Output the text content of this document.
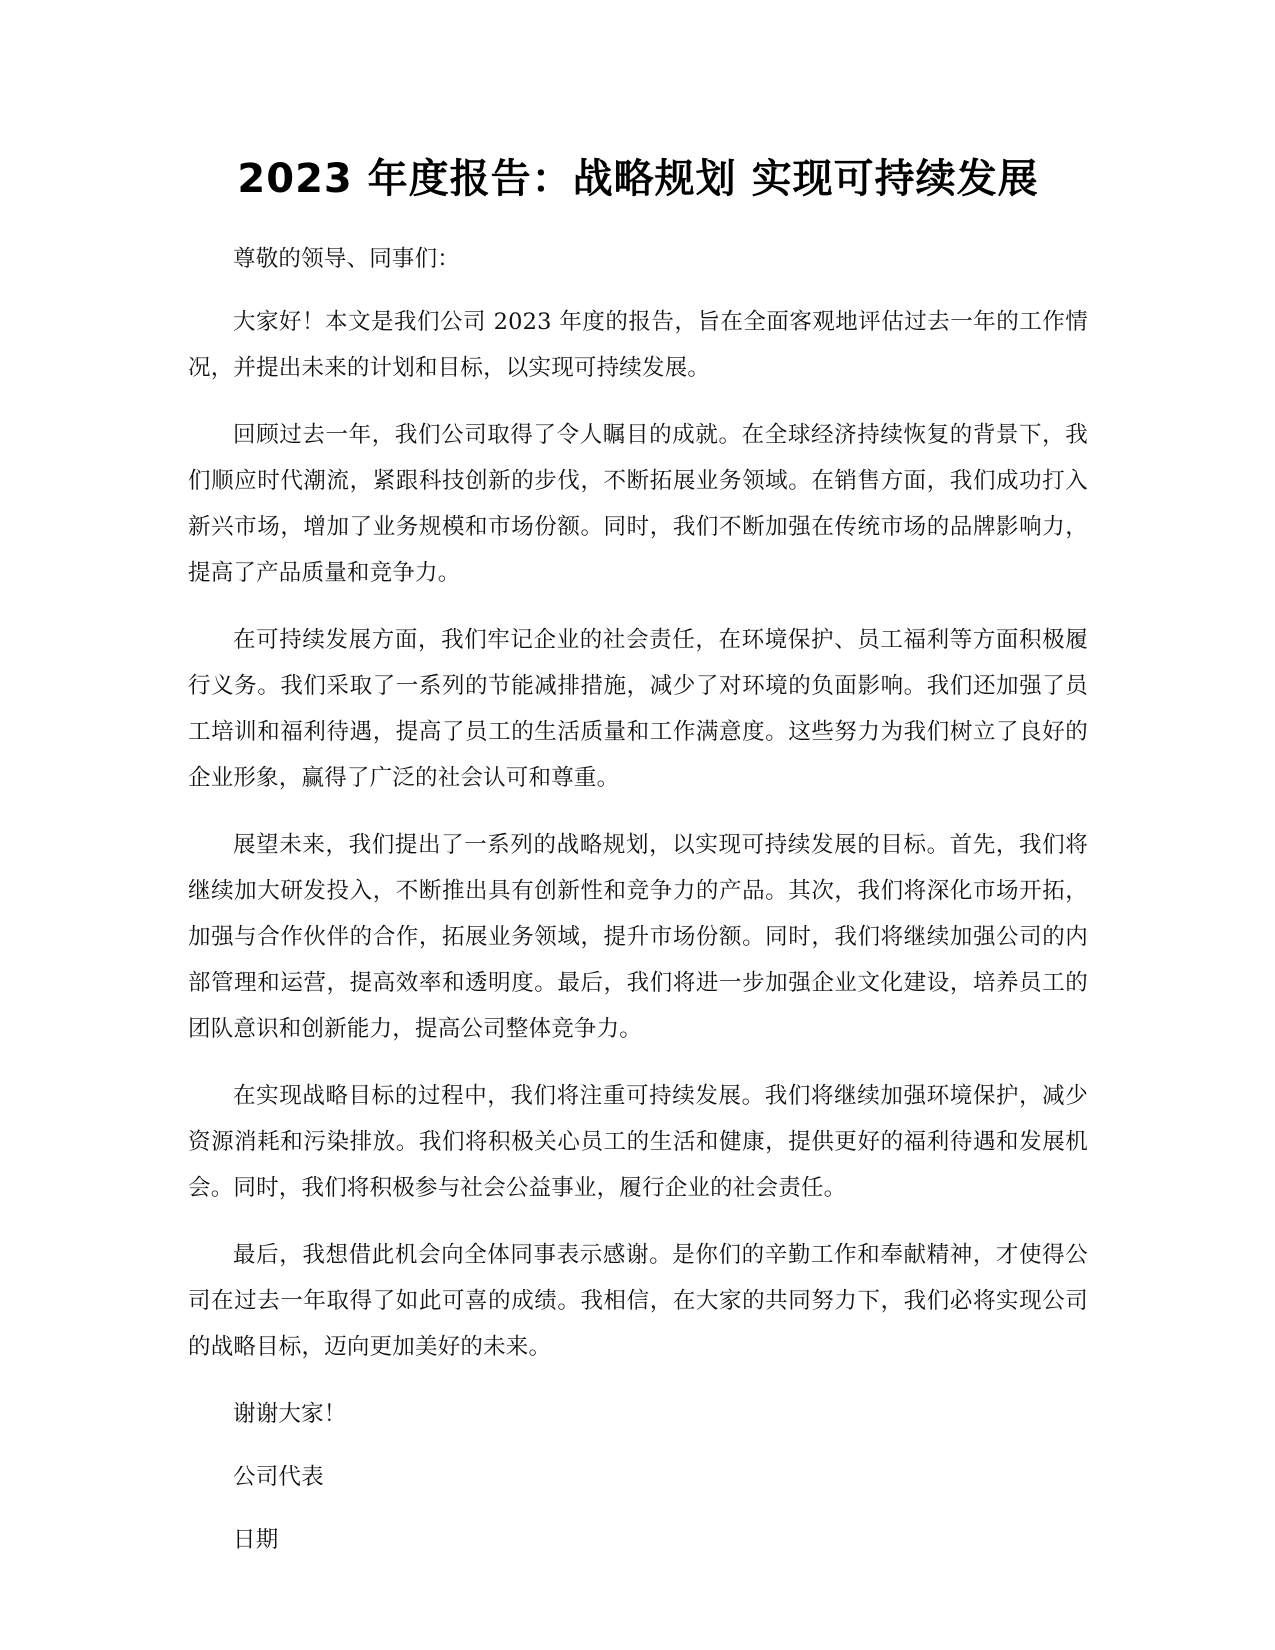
2023 年度报告：战略规划 实现可持续发展

尊敬的领导、同事们：

大家好！本文是我们公司 2023 年度的报告，旨在全面客观地评估过去一年的工作情况，并提出未来的计划和目标，以实现可持续发展。

回顾过去一年，我们公司取得了令人瞩目的成就。在全球经济持续恢复的背景下，我们顺应时代潮流，紧跟科技创新的步伐，不断拓展业务领域。在销售方面，我们成功打入新兴市场，增加了业务规模和市场份额。同时，我们不断加强在传统市场的品牌影响力，提高了产品质量和竞争力。

在可持续发展方面，我们牢记企业的社会责任，在环境保护、员工福利等方面积极履行义务。我们采取了一系列的节能减排措施，减少了对环境的负面影响。我们还加强了员工培训和福利待遇，提高了员工的生活质量和工作满意度。这些努力为我们树立了良好的企业形象，赢得了广泛的社会认可和尊重。

展望未来，我们提出了一系列的战略规划，以实现可持续发展的目标。首先，我们将继续加大研发投入，不断推出具有创新性和竞争力的产品。其次，我们将深化市场开拓，加强与合作伙伴的合作，拓展业务领域，提升市场份额。同时，我们将继续加强公司的内部管理和运营，提高效率和透明度。最后，我们将进一步加强企业文化建设，培养员工的团队意识和创新能力，提高公司整体竞争力。

在实现战略目标的过程中，我们将注重可持续发展。我们将继续加强环境保护，减少资源消耗和污染排放。我们将积极关心员工的生活和健康，提供更好的福利待遇和发展机会。同时，我们将积极参与社会公益事业，履行企业的社会责任。

最后，我想借此机会向全体同事表示感谢。是你们的辛勤工作和奉献精神，才使得公司在过去一年取得了如此可喜的成绩。我相信，在大家的共同努力下，我们必将实现公司的战略目标，迈向更加美好的未来。

谢谢大家！

公司代表

日期
